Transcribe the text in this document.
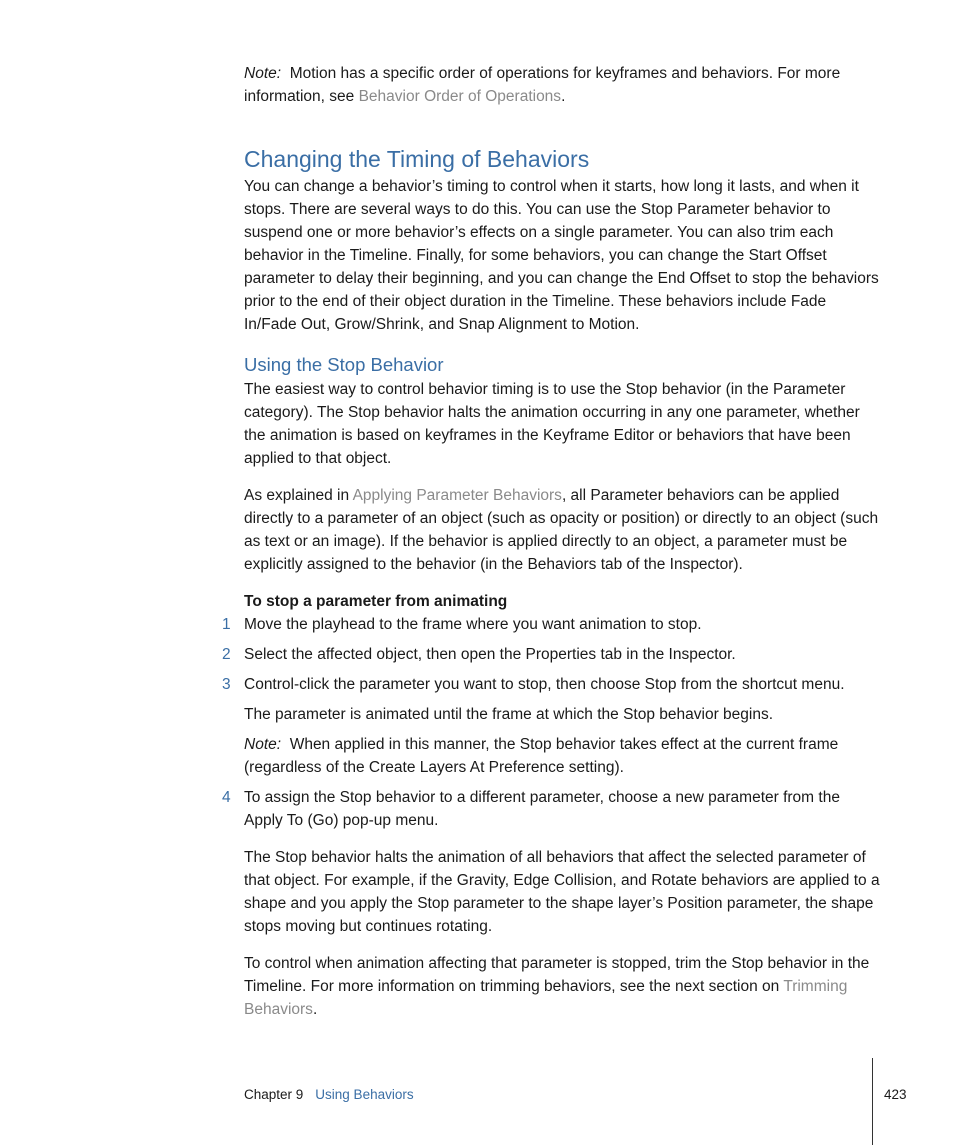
Note: Motion has a specific order of operations for keyframes and behaviors. For more information, see Behavior Order of Operations.

Changing the Timing of Behaviors

You can change a behavior’s timing to control when it starts, how long it lasts, and when it stops. There are several ways to do this. You can use the Stop Parameter behavior to suspend one or more behavior’s effects on a single parameter. You can also trim each behavior in the Timeline. Finally, for some behaviors, you can change the Start Offset parameter to delay their beginning, and you can change the End Offset to stop the behaviors prior to the end of their object duration in the Timeline. These behaviors include Fade In/Fade Out, Grow/Shrink, and Snap Alignment to Motion.

Using the Stop Behavior

The easiest way to control behavior timing is to use the Stop behavior (in the Parameter category). The Stop behavior halts the animation occurring in any one parameter, whether the animation is based on keyframes in the Keyframe Editor or behaviors that have been applied to that object.

As explained in Applying Parameter Behaviors, all Parameter behaviors can be applied directly to a parameter of an object (such as opacity or position) or directly to an object (such as text or an image). If the behavior is applied directly to an object, a parameter must be explicitly assigned to the behavior (in the Behaviors tab of the Inspector).

To stop a parameter from animating

1 Move the playhead to the frame where you want animation to stop.

2 Select the affected object, then open the Properties tab in the Inspector.

3 Control-click the parameter you want to stop, then choose Stop from the shortcut menu.

The parameter is animated until the frame at which the Stop behavior begins.

Note: When applied in this manner, the Stop behavior takes effect at the current frame (regardless of the Create Layers At Preference setting).

4 To assign the Stop behavior to a different parameter, choose a new parameter from the Apply To (Go) pop-up menu.

The Stop behavior halts the animation of all behaviors that affect the selected parameter of that object. For example, if the Gravity, Edge Collision, and Rotate behaviors are applied to a shape and you apply the Stop parameter to the shape layer’s Position parameter, the shape stops moving but continues rotating.

To control when animation affecting that parameter is stopped, trim the Stop behavior in the Timeline. For more information on trimming behaviors, see the next section on Trimming Behaviors.

Chapter 9 Using Behaviors	423
